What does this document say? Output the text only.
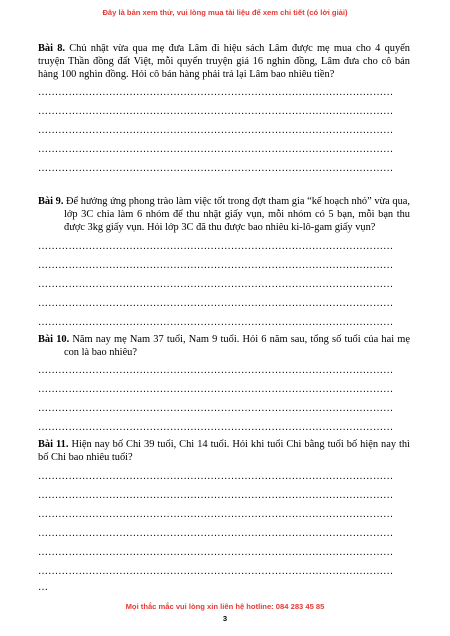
Đây là bản xem thử, vui lòng mua tài liệu để xem chi tiết (có lời giải)

Bài 8. Chủ nhật vừa qua mẹ đưa Lâm đi hiệu sách Lâm được mẹ mua cho 4 quyển truyện Thần đồng đất Việt, mỗi quyển truyện giá 16 nghìn đồng, Lâm đưa cho cô bán hàng 100 nghìn đồng. Hỏi cô bán hàng phải trả lại Lâm bao nhiêu tiền?

……………………………………………………………………………………………
……………………………………………………………………………………………
……………………………………………………………………………………………
……………………………………………………………………………………………
……………………………………………………………………………………………

Bài 9. Để hưởng ứng phong trào làm việc tốt trong đợt tham gia “kế hoạch nhỏ” vừa qua, lớp 3C chia làm 6 nhóm để thu nhặt giấy vụn, mỗi nhóm có 5 bạn, mỗi bạn thu được 3kg giấy vụn. Hỏi lớp 3C đã thu được bao nhiêu ki-lô-gam giấy vụn?

……………………………………………………………………………………………
……………………………………………………………………………………………
……………………………………………………………………………………………
……………………………………………………………………………………………
……………………………………………………………………………………………

Bài 10. Năm nay mẹ Nam 37 tuổi, Nam 9 tuổi. Hỏi 6 năm sau, tổng số tuổi của hai mẹ con là bao nhiêu?

……………………………………………………………………………………………
……………………………………………………………………………………………
……………………………………………………………………………………………
……………………………………………………………………………………………

Bài 11. Hiện nay bố Chi 39 tuổi, Chi 14 tuổi. Hỏi khi tuổi Chi bằng tuổi bố hiện nay thì bố Chi bao nhiêu tuổi?

……………………………………………………………………………………………
……………………………………………………………………………………………
……………………………………………………………………………………………
……………………………………………………………………………………………
……………………………………………………………………………………………
……………………………………………………………………………………………
…
Mọi thắc mắc vui lòng xin liên hệ hotline: 084 283 45 85
3
